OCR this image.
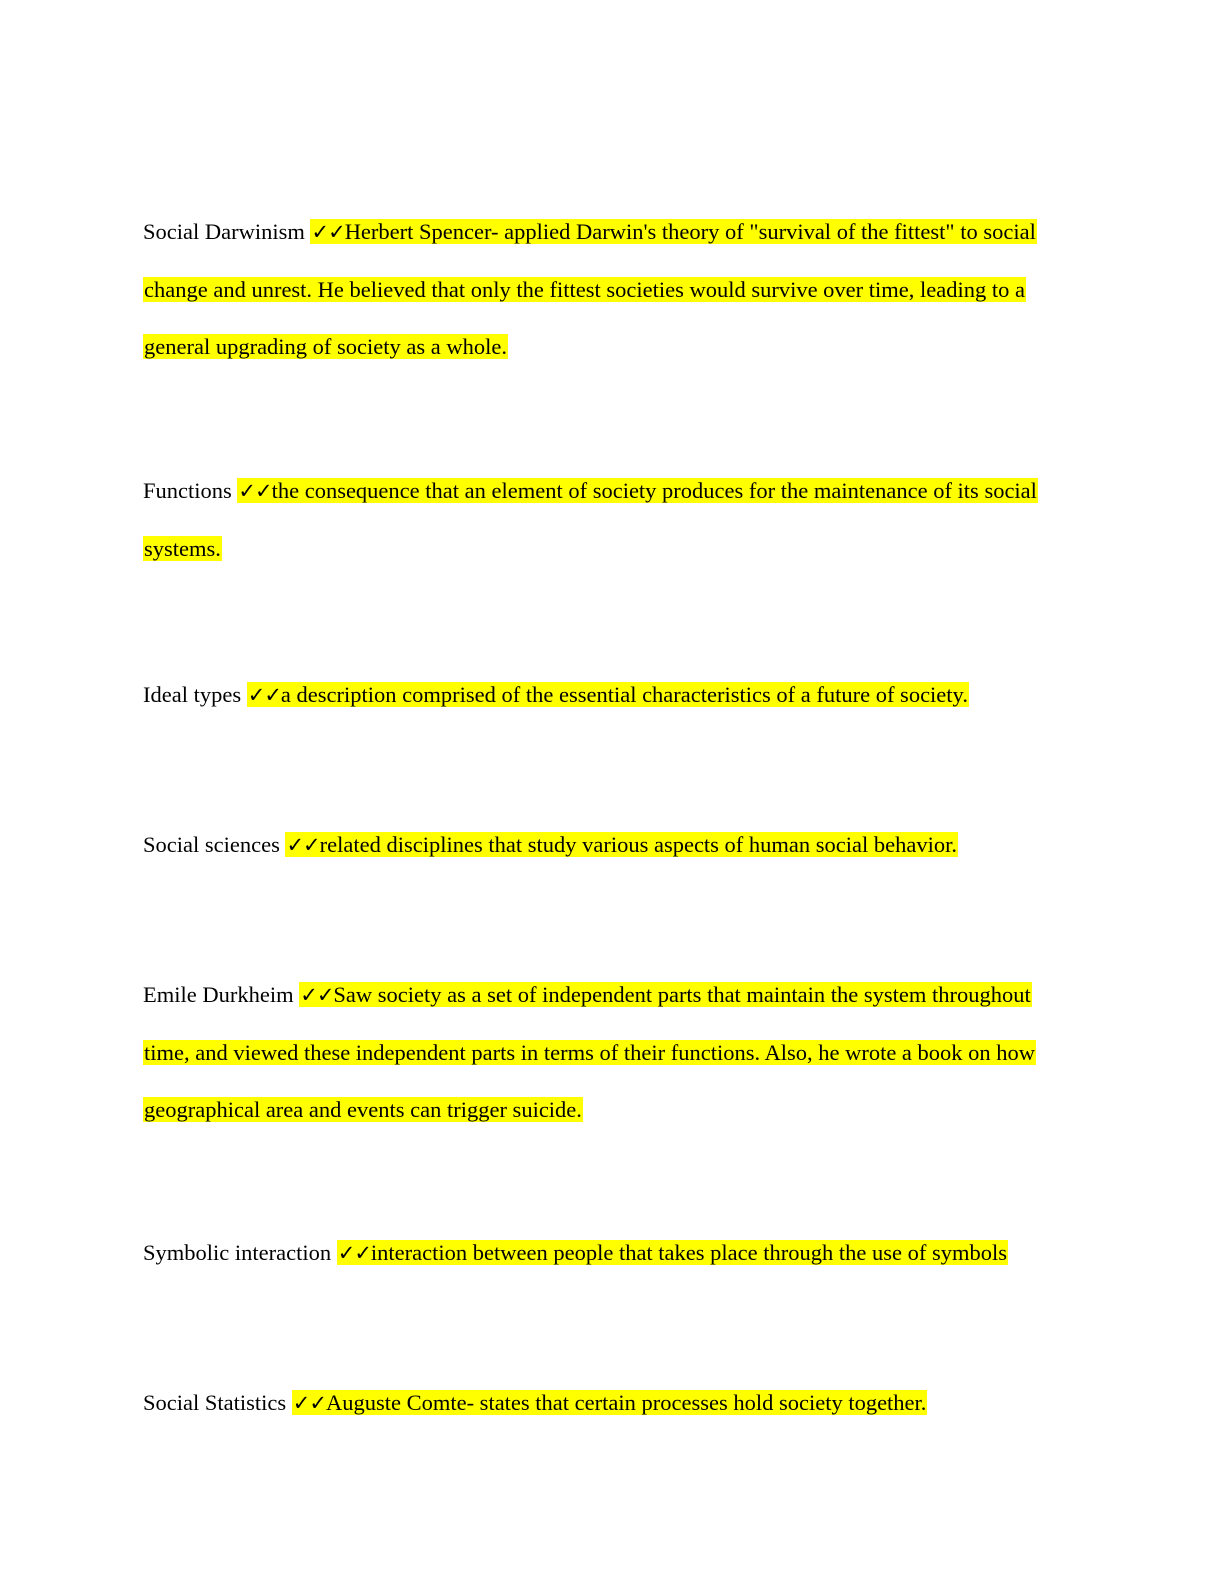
Social Darwinism ✓✓Herbert Spencer- applied Darwin's theory of "survival of the fittest" to social change and unrest. He believed that only the fittest societies would survive over time, leading to a general upgrading of society as a whole.

Functions ✓✓the consequence that an element of society produces for the maintenance of its social systems.

Ideal types ✓✓a description comprised of the essential characteristics of a future of society.

Social sciences ✓✓related disciplines that study various aspects of human social behavior.

Emile Durkheim ✓✓Saw society as a set of independent parts that maintain the system throughout time, and viewed these independent parts in terms of their functions. Also, he wrote a book on how geographical area and events can trigger suicide.

Symbolic interaction ✓✓interaction between people that takes place through the use of symbols

Social Statistics ✓✓Auguste Comte- states that certain processes hold society together.
